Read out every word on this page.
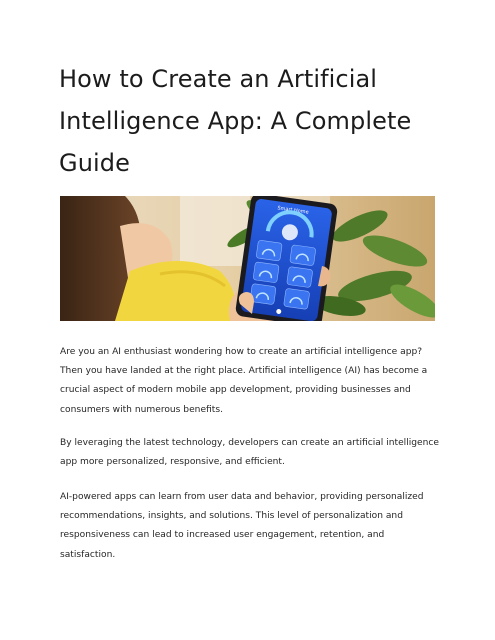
How to Create an Artificial Intelligence App: A Complete Guide
Smart Home

Are you an AI enthusiast wondering how to create an artificial intelligence app? Then you have landed at the right place. Artificial intelligence (AI) has become a crucial aspect of modern mobile app development, providing businesses and consumers with numerous benefits.

By leveraging the latest technology, developers can create an artificial intelligence app more personalized, responsive, and efficient.

AI-powered apps can learn from user data and behavior, providing personalized recommendations, insights, and solutions. This level of personalization and responsiveness can lead to increased user engagement, retention, and satisfaction.
